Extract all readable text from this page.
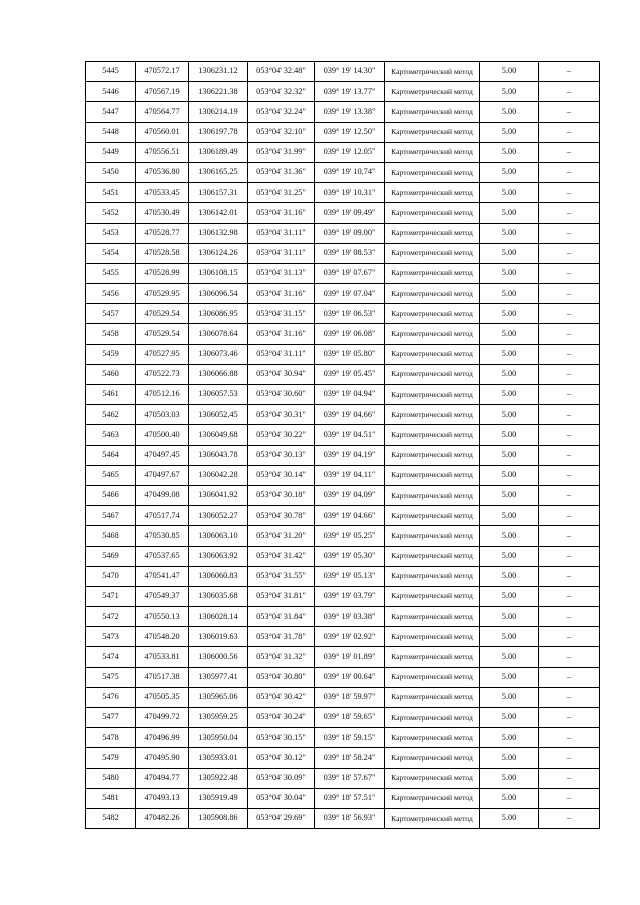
5445	470572.17	1306231.12	053°04' 32.48"	039° 19' 14.30"	Картометрический метод	5.00	–
5446	470567.19	1306221.38	053°04' 32.32"	039° 19' 13.77"	Картометрический метод	5.00	–
5447	470564.77	1306214.19	053°04' 32.24"	039° 19' 13.38"	Картометрический метод	5.00	–
5448	470560.01	1306197.78	053°04' 32.10"	039° 19' 12.50"	Картометрический метод	5.00	–
5449	470556.51	1306189.49	053°04' 31.99"	039° 19' 12.05"	Картометрический метод	5.00	–
5450	470536.80	1306165.25	053°04' 31.36"	039° 19' 10.74"	Картометрический метод	5.00	–
5451	470533.45	1306157.31	053°04' 31.25"	039° 19' 10.31"	Картометрический метод	5.00	–
5452	470530.49	1306142.01	053°04' 31.16"	039° 19' 09.49"	Картометрический метод	5.00	–
5453	470528.77	1306132.98	053°04' 31.11"	039° 19' 09.00"	Картометрический метод	5.00	–
5454	470528.58	1306124.26	053°04' 31.11"	039° 19' 08.53"	Картометрический метод	5.00	–
5455	470528.99	1306108.15	053°04' 31.13"	039° 19' 07.67"	Картометрический метод	5.00	–
5456	470529.95	1306096.54	053°04' 31.16"	039° 19' 07.04"	Картометрический метод	5.00	–
5457	470529.54	1306086.95	053°04' 31.15"	039° 19' 06.53"	Картометрический метод	5.00	–
5458	470529.54	1306078.64	053°04' 31.16"	039° 19' 06.08"	Картометрический метод	5.00	–
5459	470527.95	1306073.46	053°04' 31.11"	039° 19' 05.80"	Картометрический метод	5.00	–
5460	470522.73	1306066.88	053°04' 30.94"	039° 19' 05.45"	Картометрический метод	5.00	–
5461	470512.16	1306057.53	053°04' 30.60"	039° 19' 04.94"	Картометрический метод	5.00	–
5462	470503.03	1306052.45	053°04' 30.31"	039° 19' 04.66"	Картометрический метод	5.00	–
5463	470500.40	1306049.68	053°04' 30.22"	039° 19' 04.51"	Картометрический метод	5.00	–
5464	470497.45	1306043.78	053°04' 30.13"	039° 19' 04.19"	Картометрический метод	5.00	–
5465	470497.67	1306042.28	053°04' 30.14"	039° 19' 04.11"	Картометрический метод	5.00	–
5466	470499.08	1306041.92	053°04' 30.18"	039° 19' 04.09"	Картометрический метод	5.00	–
5467	470517.74	1306052.27	053°04' 30.78"	039° 19' 04.66"	Картометрический метод	5.00	–
5468	470530.85	1306063.10	053°04' 31.20"	039° 19' 05.25"	Картометрический метод	5.00	–
5469	470537.65	1306063.92	053°04' 31.42"	039° 19' 05.30"	Картометрический метод	5.00	–
5470	470541.47	1306060.83	053°04' 31.55"	039° 19' 05.13"	Картометрический метод	5.00	–
5471	470549.37	1306035.68	053°04' 31.81"	039° 19' 03.79"	Картометрический метод	5.00	–
5472	470550.13	1306028.14	053°04' 31.84"	039° 19' 03.38"	Картометрический метод	5.00	–
5473	470548.20	1306019.63	053°04' 31.78"	039° 19' 02.92"	Картометрический метод	5.00	–
5474	470533.81	1306000.56	053°04' 31.32"	039° 19' 01.89"	Картометрический метод	5.00	–
5475	470517.38	1305977.41	053°04' 30.80"	039° 19' 00.64"	Картометрический метод	5.00	–
5476	470505.35	1305965.06	053°04' 30.42"	039° 18' 59.97"	Картометрический метод	5.00	–
5477	470499.72	1305959.25	053°04' 30.24"	039° 18' 59.65"	Картометрический метод	5.00	–
5478	470496.99	1305950.04	053°04' 30.15"	039° 18' 59.15"	Картометрический метод	5.00	–
5479	470495.90	1305933.01	053°04' 30.12"	039° 18' 58.24"	Картометрический метод	5.00	–
5480	470494.77	1305922.48	053°04' 30.09"	039° 18' 57.67"	Картометрический метод	5.00	–
5481	470493.13	1305919.49	053°04' 30.04"	039° 18' 57.51"	Картометрический метод	5.00	–
5482	470482.26	1305908.86	053°04' 29.69"	039° 18' 56.93"	Картометрический метод	5.00	–
